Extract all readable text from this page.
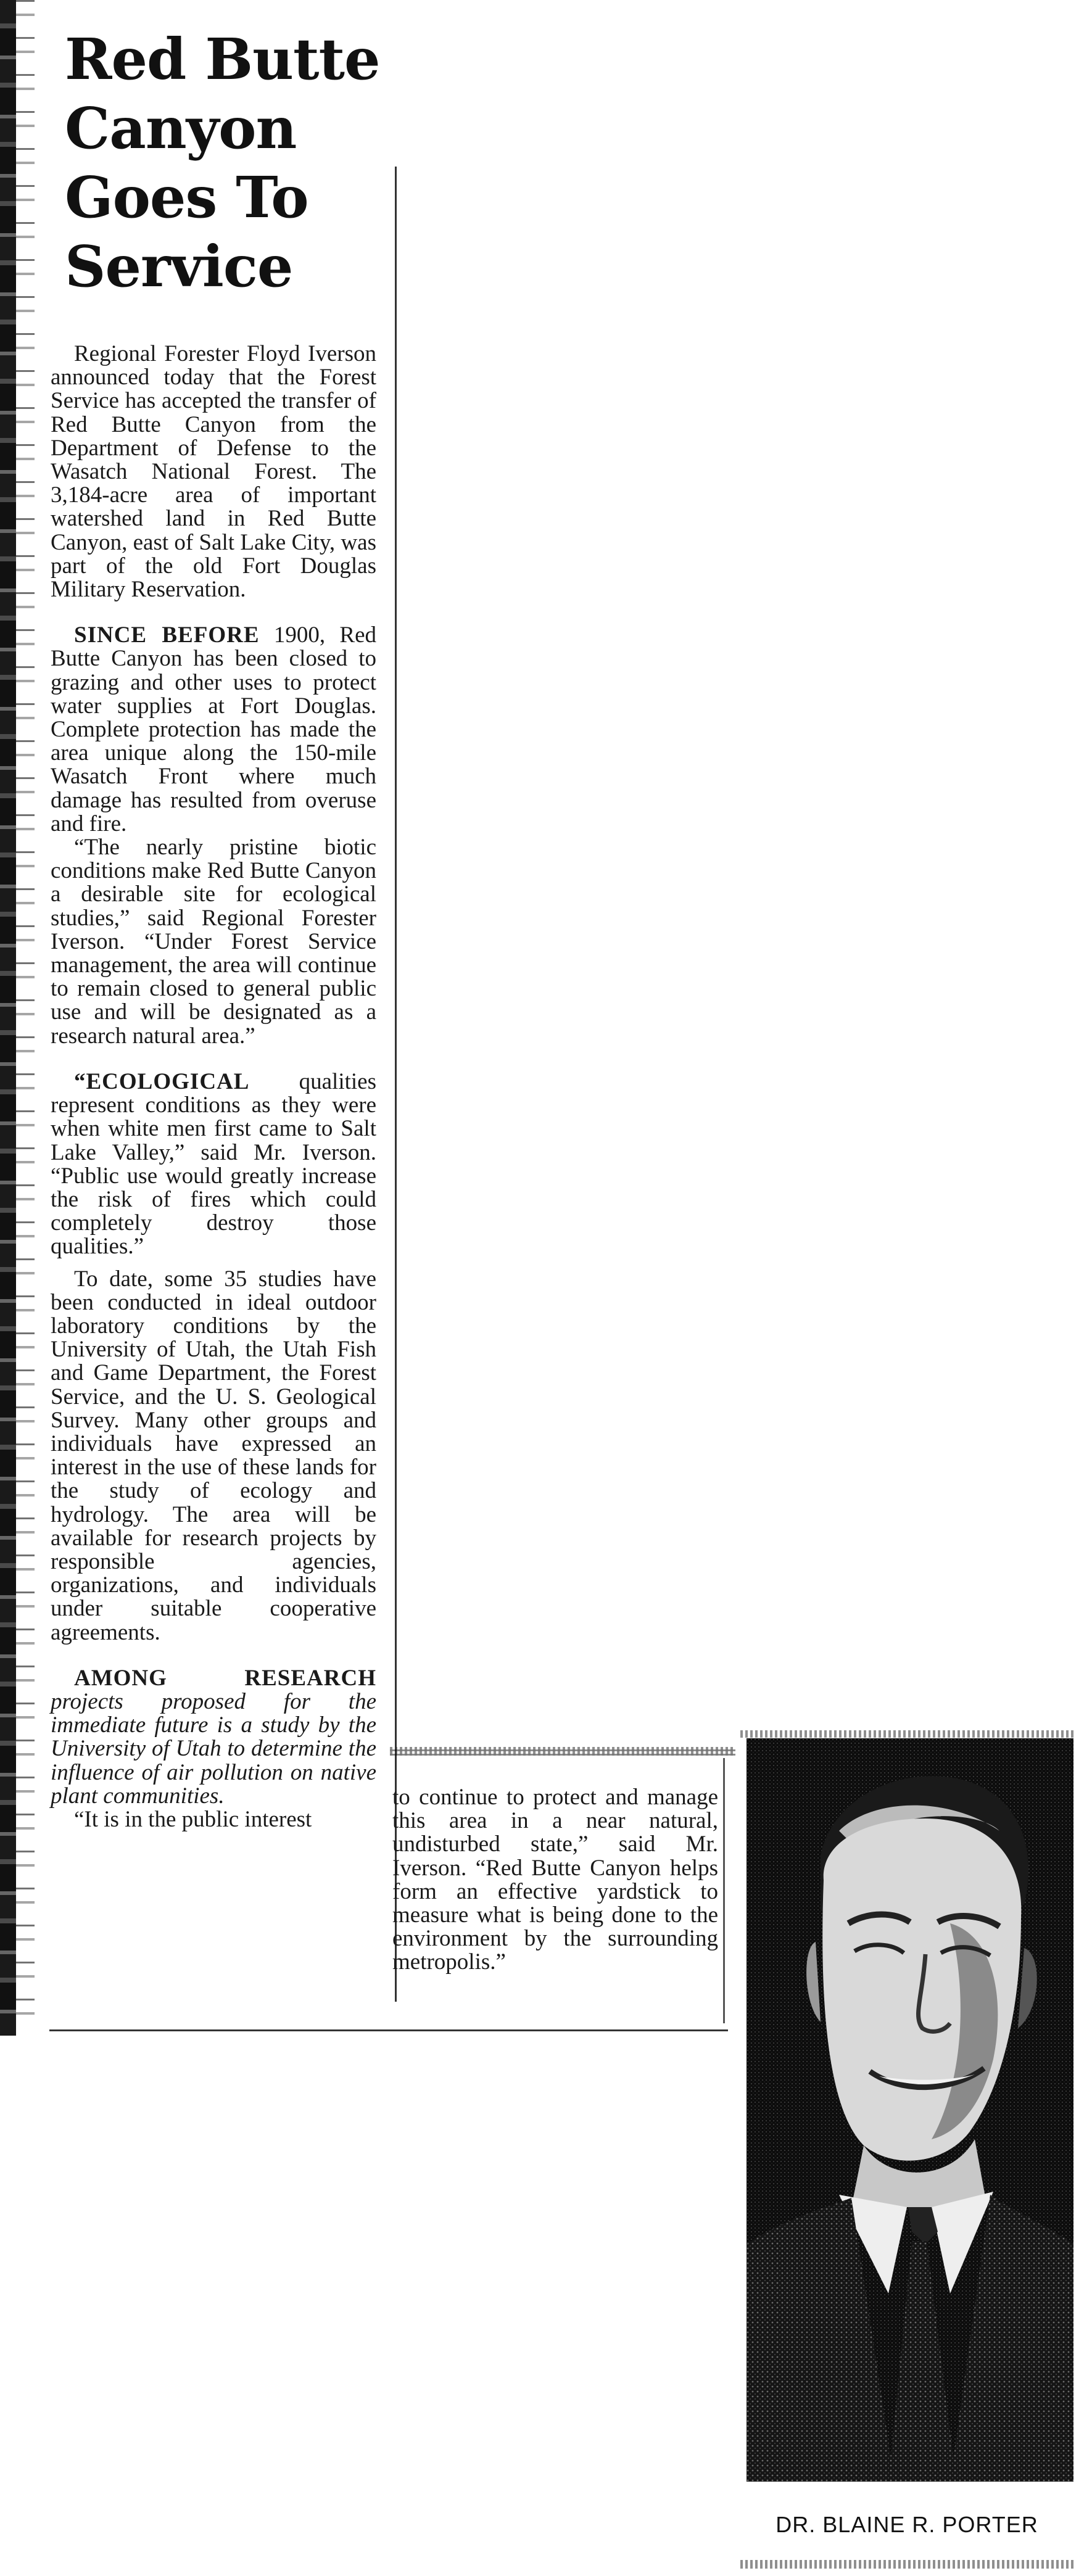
Red Butte
Canyon
Goes To
Service

Regional Forester Floyd Iverson announced today that the Forest Service has accepted the transfer of Red Butte Canyon from the Department of Defense to the Wasatch National Forest. The 3,184-acre area of important watershed land in Red Butte Canyon, east of Salt Lake City, was part of the old Fort Douglas Military Reservation.

SINCE BEFORE 1900, Red Butte Canyon has been closed to grazing and other uses to protect water supplies at Fort Douglas. Complete protection has made the area unique along the 150-mile Wasatch Front where much damage has resulted from overuse and fire.

“The nearly pristine biotic conditions make Red Butte Canyon a desirable site for ecological studies,” said Regional Forester Iverson. “Under Forest Service management, the area will continue to remain closed to general public use and will be designated as a research natural area.”

“ECOLOGICAL qualities represent conditions as they were when white men first came to Salt Lake Valley,” said Mr. Iverson. “Public use would greatly increase the risk of fires which could completely destroy those qualities.”

To date, some 35 studies have been conducted in ideal outdoor laboratory conditions by the University of Utah, the Utah Fish and Game Department, the Forest Service, and the U. S. Geological Survey. Many other groups and individuals have expressed an interest in the use of these lands for the study of ecology and hydrology. The area will be available for research projects by responsible agencies, organizations, and individuals under suitable cooperative agreements.

AMONG RESEARCH projects proposed for the immediate future is a study by the University of Utah to determine the influence of air pollution on native plant communities.

“It is in the public interest

to continue to protect and manage this area in a near natural, undisturbed state,” said Mr. Iverson. “Red Butte Canyon helps form an effective yardstick to measure what is being done to the environment by the surrounding metropolis.”

DR. BLAINE R. PORTER
